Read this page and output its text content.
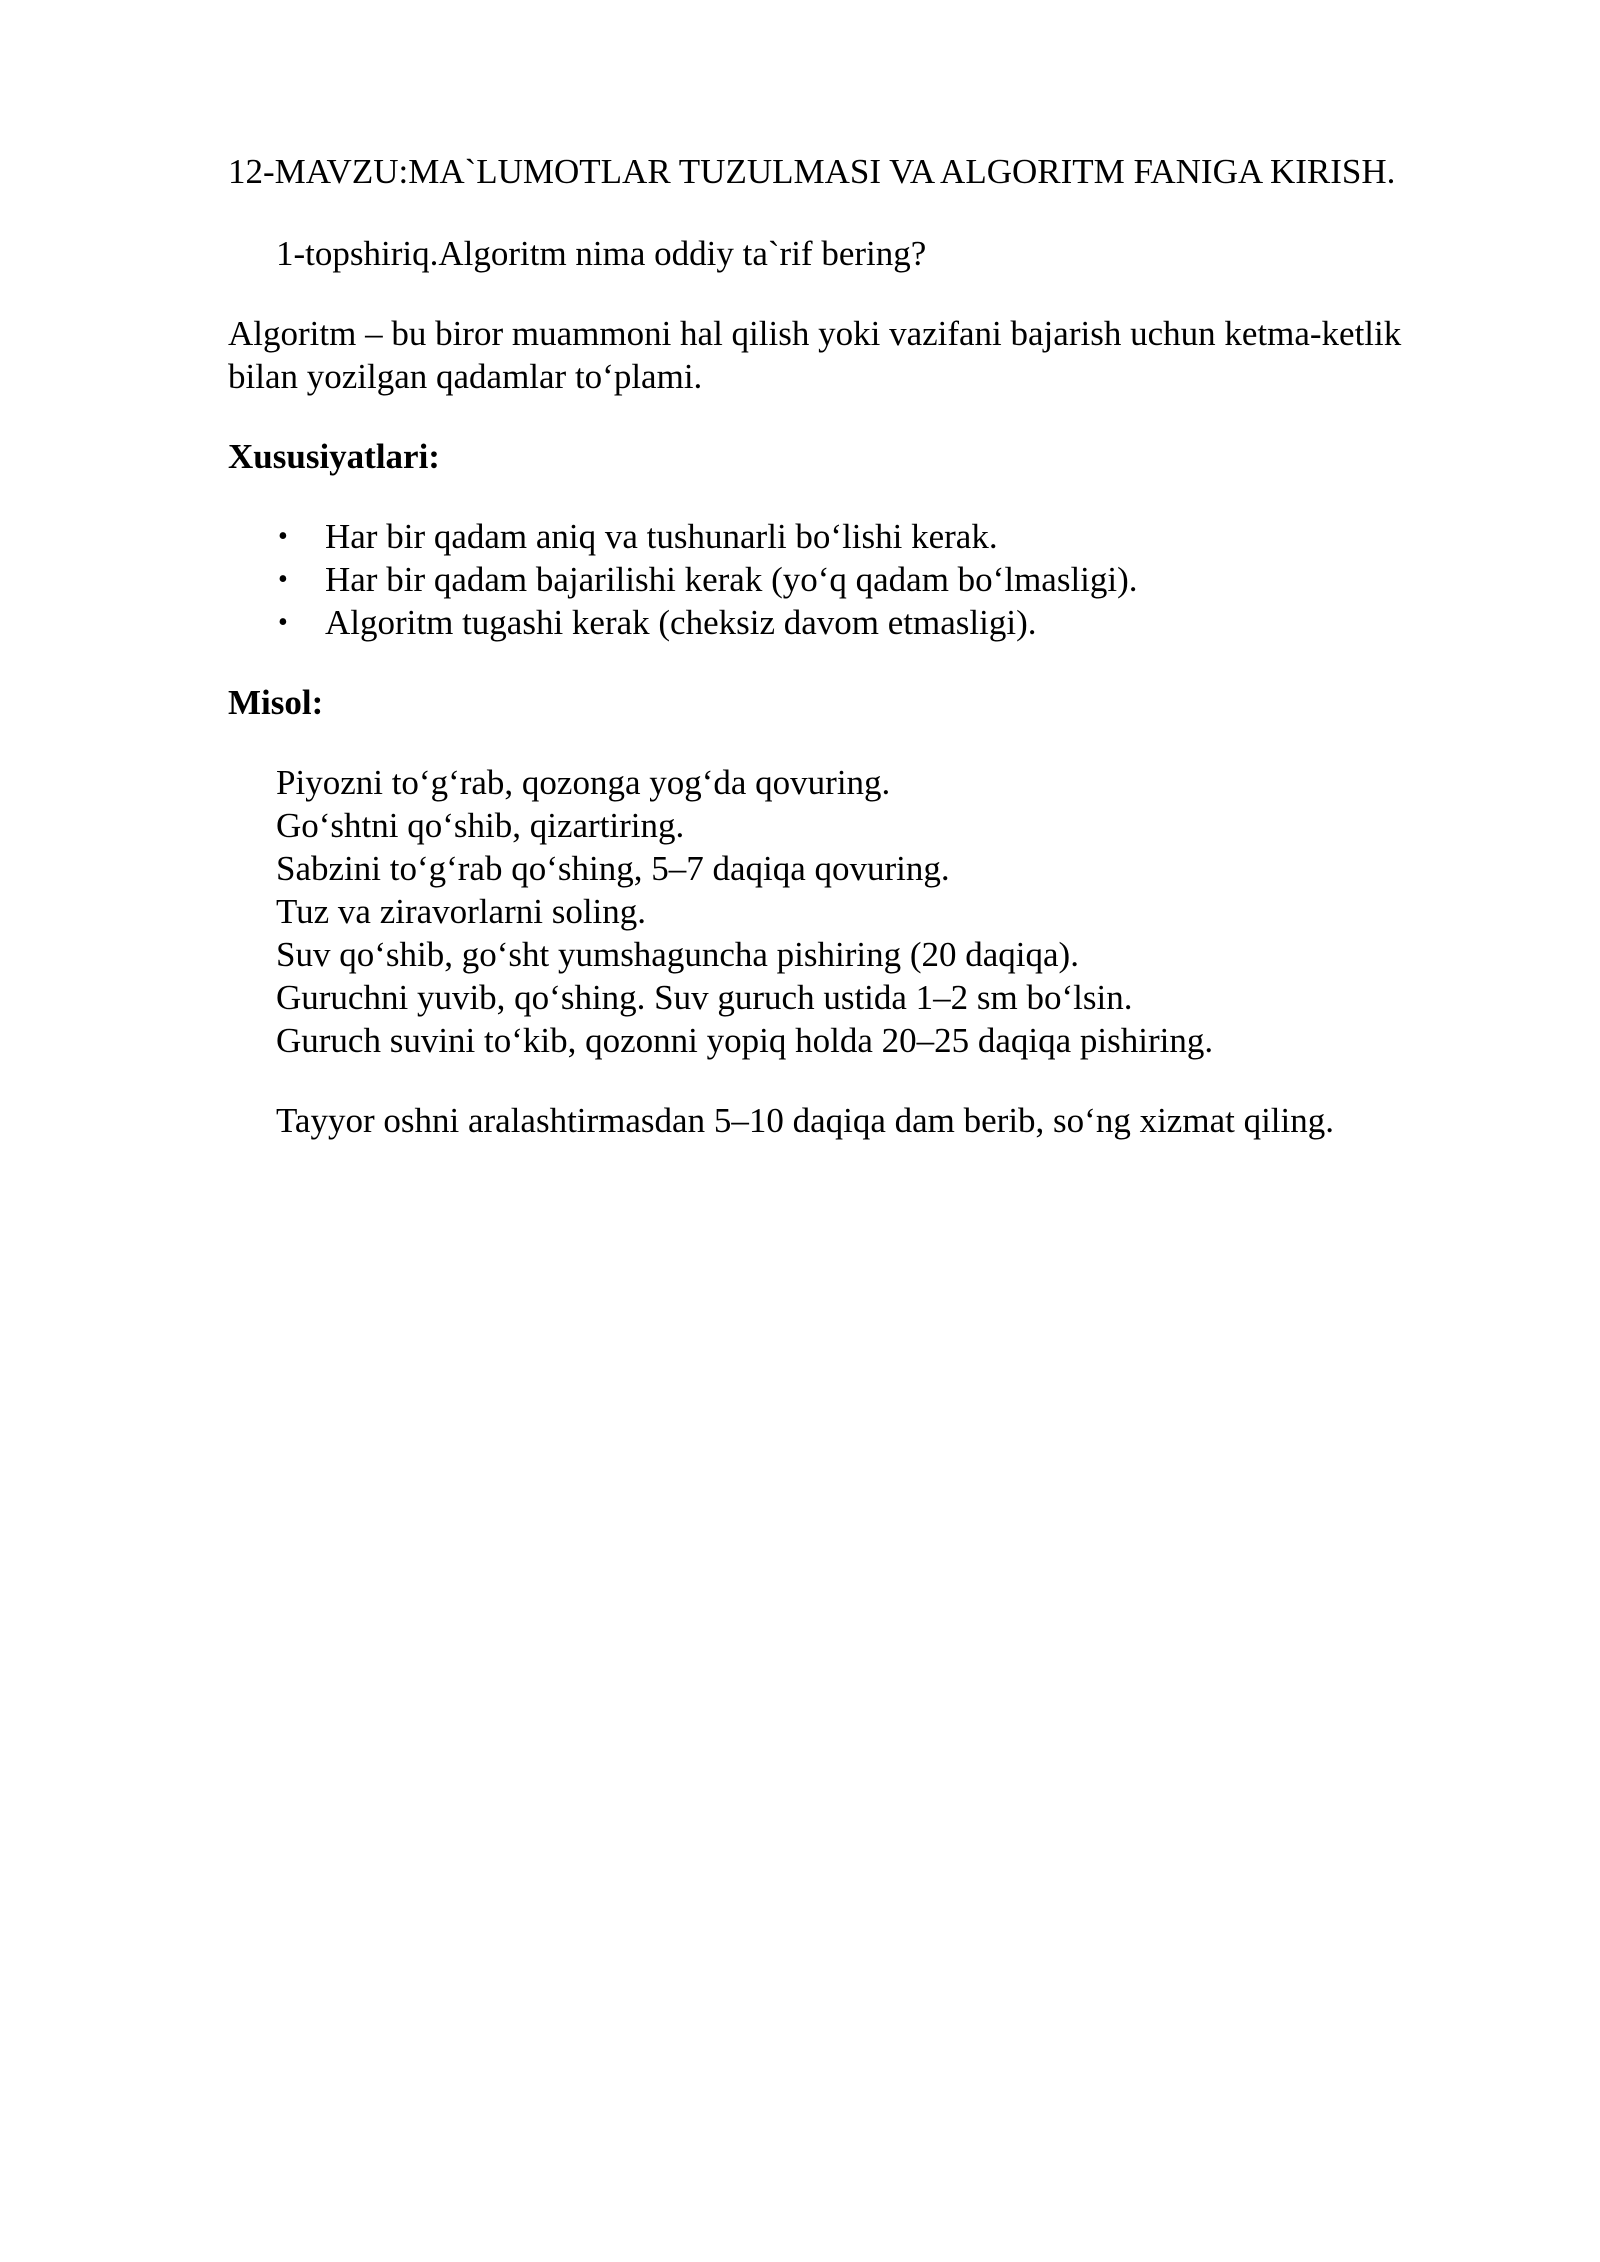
12-MAVZU:MA`LUMOTLAR TUZULMASI VA ALGORITM FANIGA KIRISH.

1-topshiriq.Algoritm nima oddiy ta`rif bering?

Algoritm – bu biror muammoni hal qilish yoki vazifani bajarish uchun ketma-ketlik bilan yozilgan qadamlar to‘plami.

Xususiyatlari:

• Har bir qadam aniq va tushunarli bo‘lishi kerak.
• Har bir qadam bajarilishi kerak (yo‘q qadam bo‘lmasligi).
• Algoritm tugashi kerak (cheksiz davom etmasligi).

Misol:

Piyozni to‘g‘rab, qozonga yog‘da qovuring.
Go‘shtni qo‘shib, qizartiring.
Sabzini to‘g‘rab qo‘shing, 5–7 daqiqa qovuring.
Tuz va ziravorlarni soling.
Suv qo‘shib, go‘sht yumshaguncha pishiring (20 daqiqa).
Guruchni yuvib, qo‘shing. Suv guruch ustida 1–2 sm bo‘lsin.
Guruch suvini to‘kib, qozonni yopiq holda 20–25 daqiqa pishiring.

Tayyor oshni aralashtirmasdan 5–10 daqiqa dam berib, so‘ng xizmat qiling.
